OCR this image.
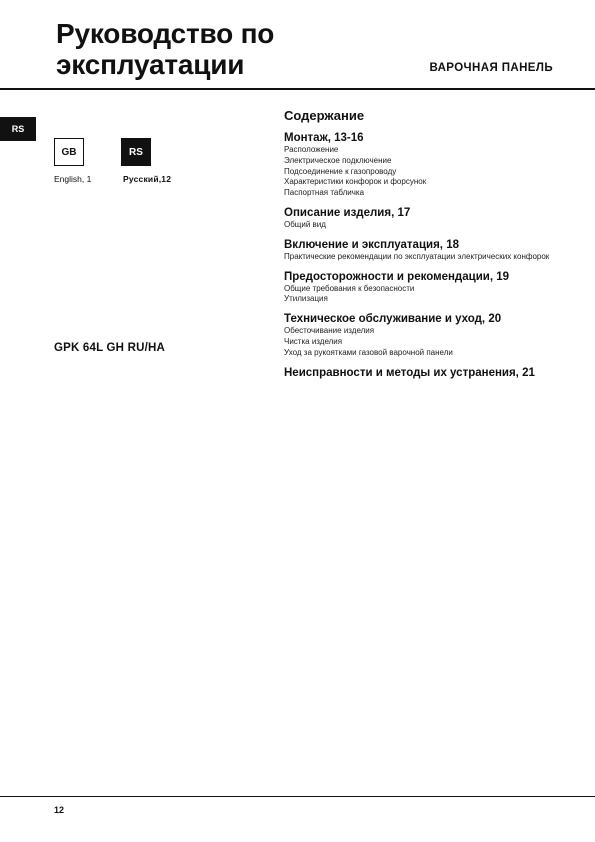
Руководство по
эксплуатации	ВАРОЧНАЯ ПАНЕЛЬ
RS
GB	RS
English, 1	Русский,12
GPK 64L GH RU/HA
Содержание
Монтаж, 13-16
Расположение
Электрическое подключение
Подсоединение к газопроводу
Характеристики конфорок и форсунок
Паспортная табличка
Описание изделия, 17
Общий вид
Включение и эксплуатация, 18
Практические рекомендации по эксплуатации электрических конфорок
Предосторожности и рекомендации, 19
Общие требования к безопасности
Утилизация
Техническое обслуживание и уход, 20
Обесточивание изделия
Чистка изделия
Уход за рукоятками газовой варочной панели
Неисправности и методы их устранения, 21
12
